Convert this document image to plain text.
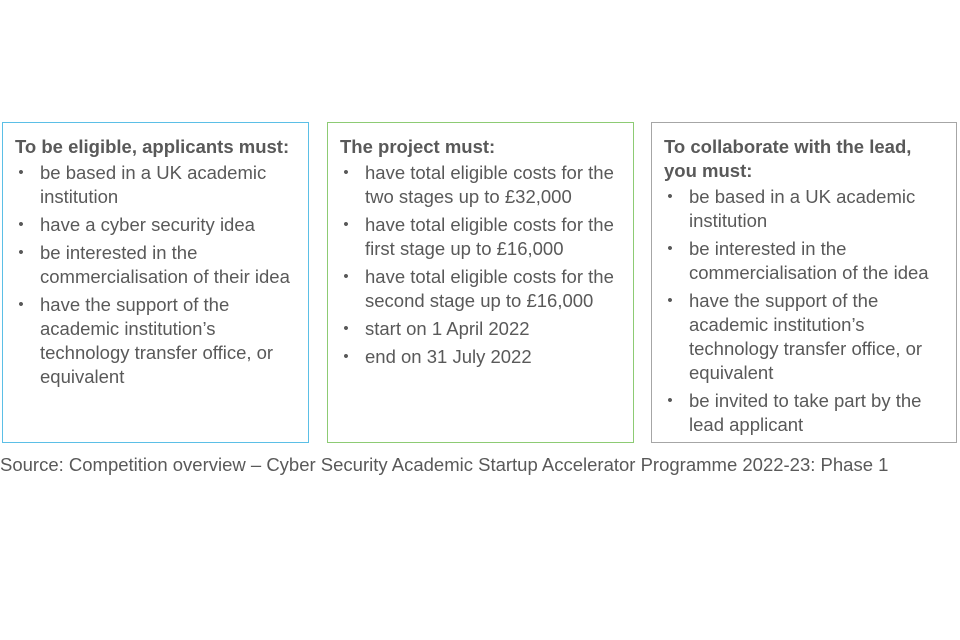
To be eligible, applicants must:
• be based in a UK academic institution
• have a cyber security idea
• be interested in the commercialisation of their idea
• have the support of the academic institution’s technology transfer office, or equivalent
The project must:
• have total eligible costs for the two stages up to £32,000
• have total eligible costs for the first stage up to £16,000
• have total eligible costs for the second stage up to £16,000
• start on 1 April 2022
• end on 31 July 2022
To collaborate with the lead, you must:
• be based in a UK academic institution
• be interested in the commercialisation of the idea
• have the support of the academic institution’s technology transfer office, or equivalent
• be invited to take part by the lead applicant
Source: Competition overview – Cyber Security Academic Startup Accelerator Programme 2022-23: Phase 1
